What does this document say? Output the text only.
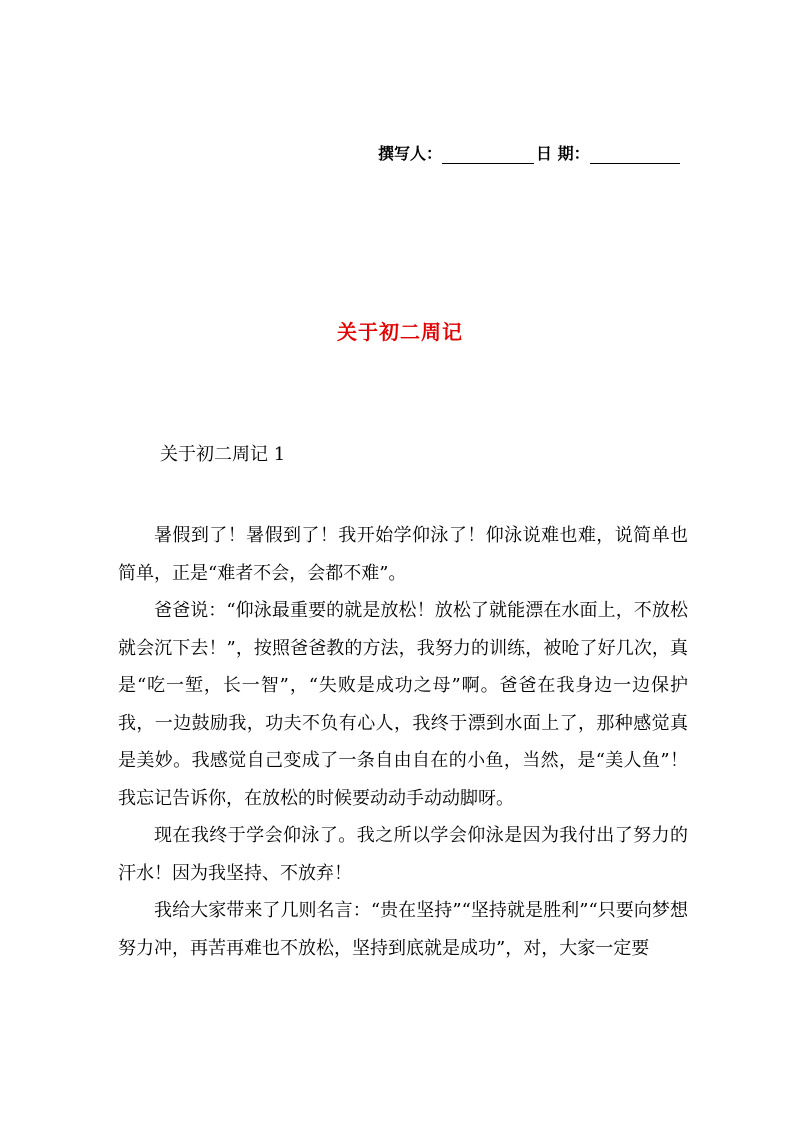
撰写人：	日 期：
关于初二周记
关于初二周记 1

暑假到了！暑假到了！我开始学仰泳了！仰泳说难也难，说简单也简单，正是“难者不会，会都不难”。

爸爸说：“仰泳最重要的就是放松！放松了就能漂在水面上，不放松就会沉下去！”，按照爸爸教的方法，我努力的训练，被呛了好几次，真是“吃一堑，长一智”，“失败是成功之母”啊。爸爸在我身边一边保护我，一边鼓励我，功夫不负有心人，我终于漂到水面上了，那种感觉真是美妙。我感觉自己变成了一条自由自在的小鱼，当然，是“美人鱼”！我忘记告诉你，在放松的时候要动动手动动脚呀。

现在我终于学会仰泳了。我之所以学会仰泳是因为我付出了努力的汗水！因为我坚持、不放弃！

我给大家带来了几则名言：“贵在坚持”“坚持就是胜利”“只要向梦想努力冲，再苦再难也不放松，坚持到底就是成功”，对，大家一定要
